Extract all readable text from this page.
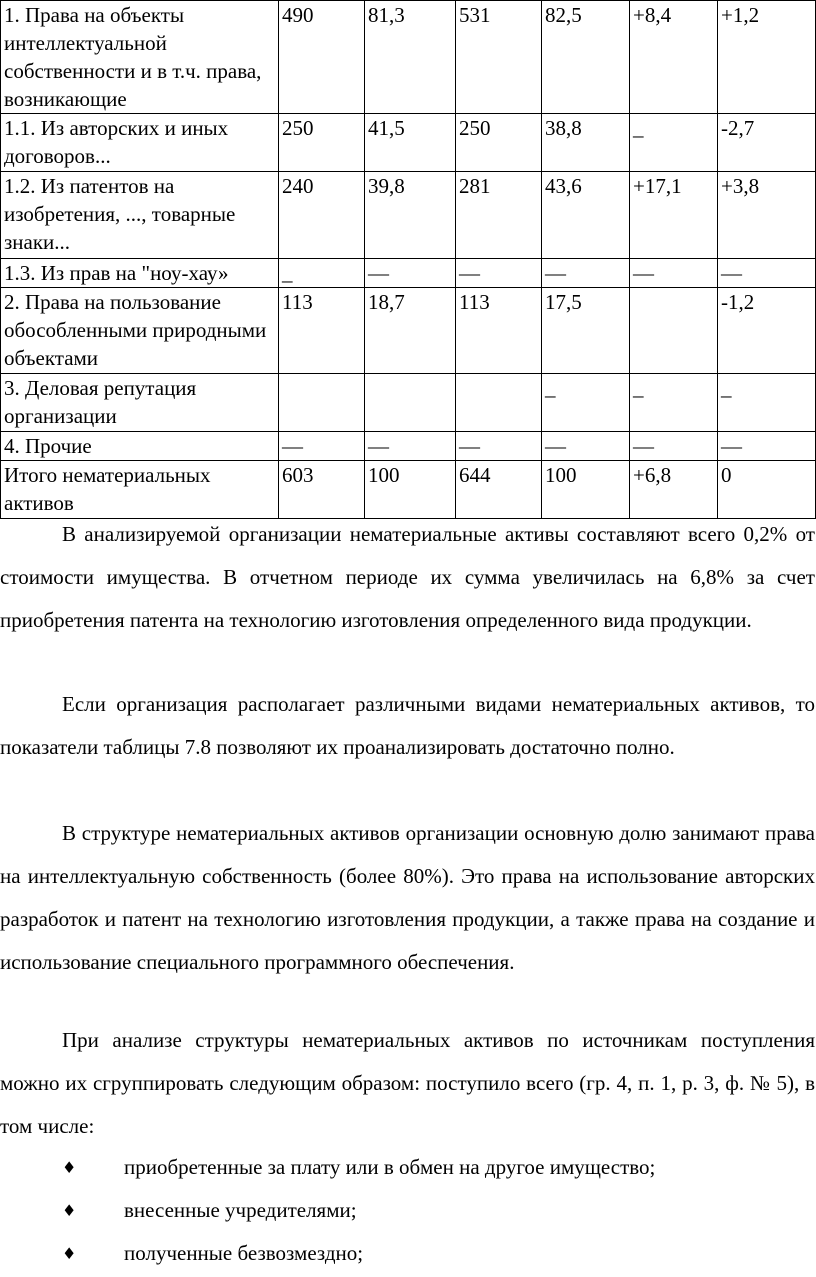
1. Права на объекты интеллектуальной собственности и в т.ч. права, возникающие	490	81,3	531	82,5	+8,4	+1,2
1.1. Из авторских и иных договоров...	250	41,5	250	38,8	_	-2,7
1.2. Из патентов на изобретения, ..., товарные знаки...	240	39,8	281	43,6	+17,1	+3,8
1.3. Из прав на "ноу-хау»	_	—	—	—	—	—
2. Права на пользование обособленными природными объектами	113	18,7	113	17,5		-1,2
3. Деловая репутация организации				_	_	_
4. Прочие	—	—	—	—	—	—
Итого нематериальных активов	603	100	644	100	+6,8	0

В анализируемой организации нематериальные активы составляют всего 0,2% от стоимости имущества. В отчетном периоде их сумма увеличилась на 6,8% за счет приобретения патента на технологию изготовления определенного вида продукции.

Если организация располагает различными видами нематериальных активов, то показатели таблицы 7.8 позволяют их проанализировать достаточно полно.

В структуре нематериальных активов организации основную долю занимают права на интеллектуальную собственность (более 80%). Это права на использование авторских разработок и патент на технологию изготовления продукции, а также права на создание и использование специального программного обеспечения.

При анализе структуры нематериальных активов по источникам поступления можно их сгруппировать следующим образом: поступило всего (гр. 4, п. 1, р. 3, ф. № 5), в том числе:

♦ приобретенные за плату или в обмен на другое имущество;
♦ внесенные учредителями;
♦ полученные безвозмездно;
